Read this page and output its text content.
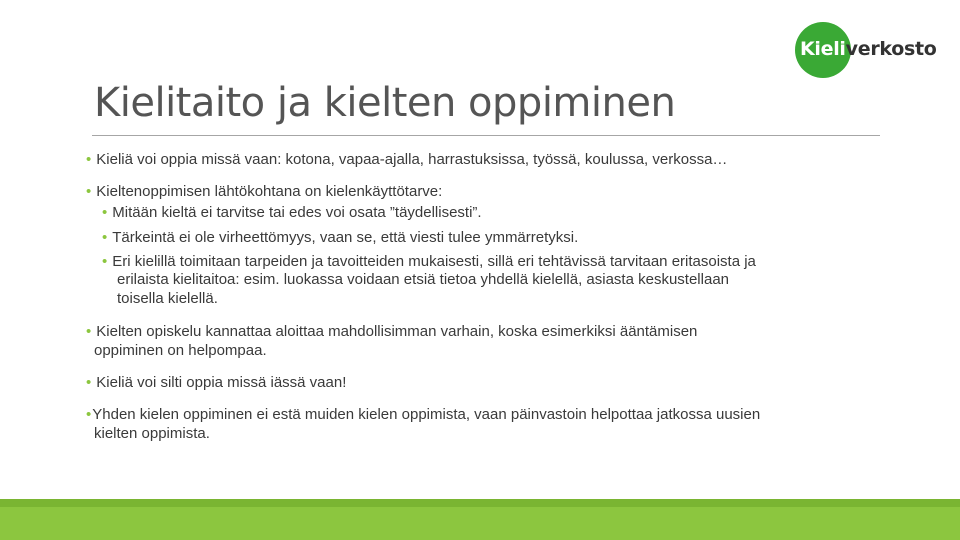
Kieliverkosto
Kielitaito ja kielten oppiminen
• Kieliä voi oppia missä vaan: kotona, vapaa-ajalla, harrastuksissa, työssä, koulussa, verkossa…
• Kieltenoppimisen lähtökohtana on kielenkäyttötarve:
• Mitään kieltä ei tarvitse tai edes voi osata ”täydellisesti”.
• Tärkeintä ei ole virheettömyys, vaan se, että viesti tulee ymmärretyksi.
• Eri kielillä toimitaan tarpeiden ja tavoitteiden mukaisesti, sillä eri tehtävissä tarvitaan eritasoista ja
erilaista kielitaitoa: esim. luokassa voidaan etsiä tietoa yhdellä kielellä, asiasta keskustellaan
toisella kielellä.
• Kielten opiskelu kannattaa aloittaa mahdollisimman varhain, koska esimerkiksi ääntämisen
oppiminen on helpompaa.
• Kieliä voi silti oppia missä iässä vaan!
•Yhden kielen oppiminen ei estä muiden kielen oppimista, vaan päinvastoin helpottaa jatkossa uusien
kielten oppimista.
